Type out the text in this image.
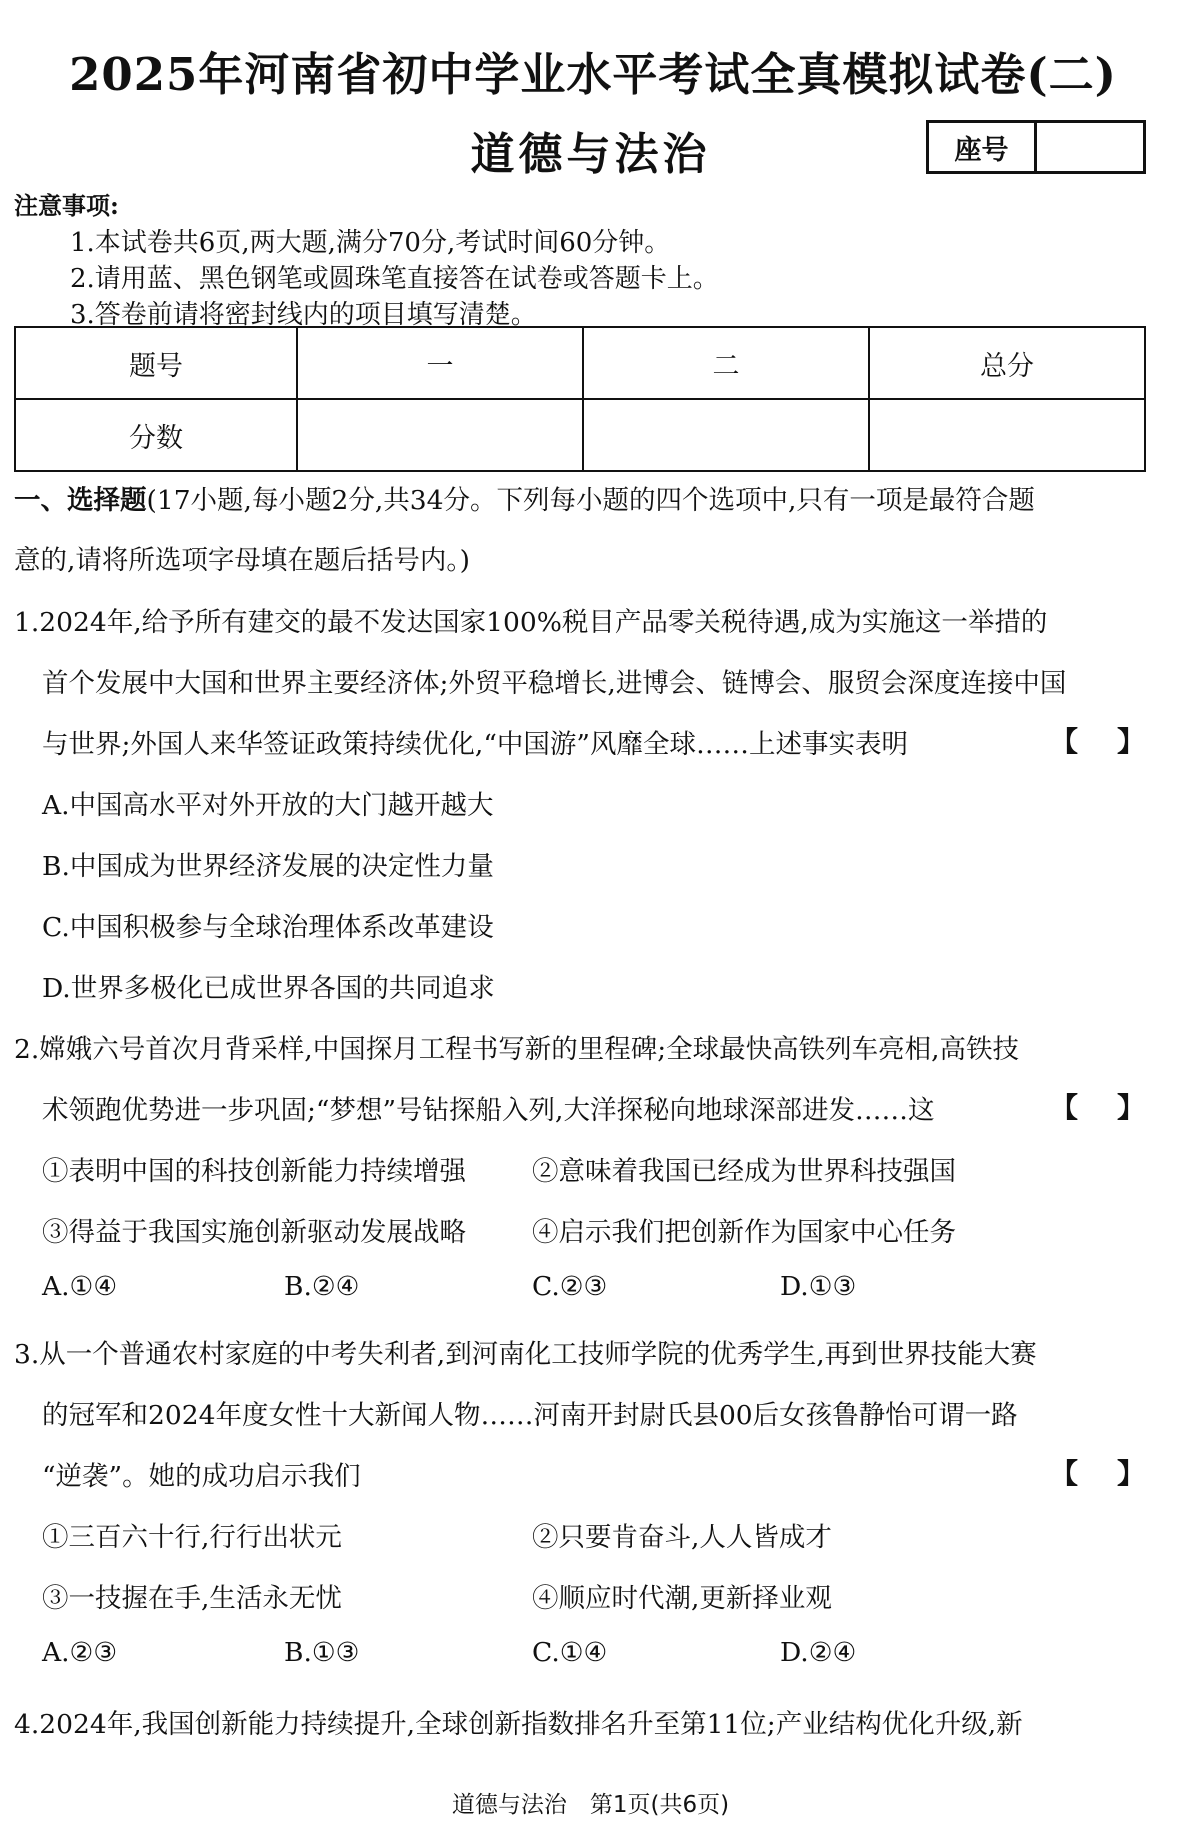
2025年河南省初中学业水平考试全真模拟试卷(二)
道德与法治	座号
注意事项:
1.本试卷共6页,两大题,满分70分,考试时间60分钟。
2.请用蓝、黑色钢笔或圆珠笔直接答在试卷或答题卡上。
3.答卷前请将密封线内的项目填写清楚。
题号	一	二	总分
分数			
一、选择题(17小题,每小题2分,共34分。下列每小题的四个选项中,只有一项是最符合题
意的,请将所选项字母填在题后括号内。)
1.2024年,给予所有建交的最不发达国家100%税目产品零关税待遇,成为实施这一举措的
首个发展中大国和世界主要经济体;外贸平稳增长,进博会、链博会、服贸会深度连接中国
与世界;外国人来华签证政策持续优化,“中国游”风靡全球……上述事实表明	【    】
A.中国高水平对外开放的大门越开越大
B.中国成为世界经济发展的决定性力量
C.中国积极参与全球治理体系改革建设
D.世界多极化已成世界各国的共同追求
2.嫦娥六号首次月背采样,中国探月工程书写新的里程碑;全球最快高铁列车亮相,高铁技
术领跑优势进一步巩固;“梦想”号钻探船入列,大洋探秘向地球深部进发……这	【    】
①表明中国的科技创新能力持续增强 ②意味着我国已经成为世界科技强国
③得益于我国实施创新驱动发展战略 ④启示我们把创新作为国家中心任务
A.①④	B.②④	C.②③	D.①③
3.从一个普通农村家庭的中考失利者,到河南化工技师学院的优秀学生,再到世界技能大赛
的冠军和2024年度女性十大新闻人物……河南开封尉氏县00后女孩鲁静怡可谓一路
“逆袭”。她的成功启示我们	【    】
①三百六十行,行行出状元	②只要肯奋斗,人人皆成才
③一技握在手,生活永无忧	④顺应时代潮,更新择业观
A.②③	B.①③	C.①④	D.②④
4.2024年,我国创新能力持续提升,全球创新指数排名升至第11位;产业结构优化升级,新
道德与法治　第1页(共6页)
